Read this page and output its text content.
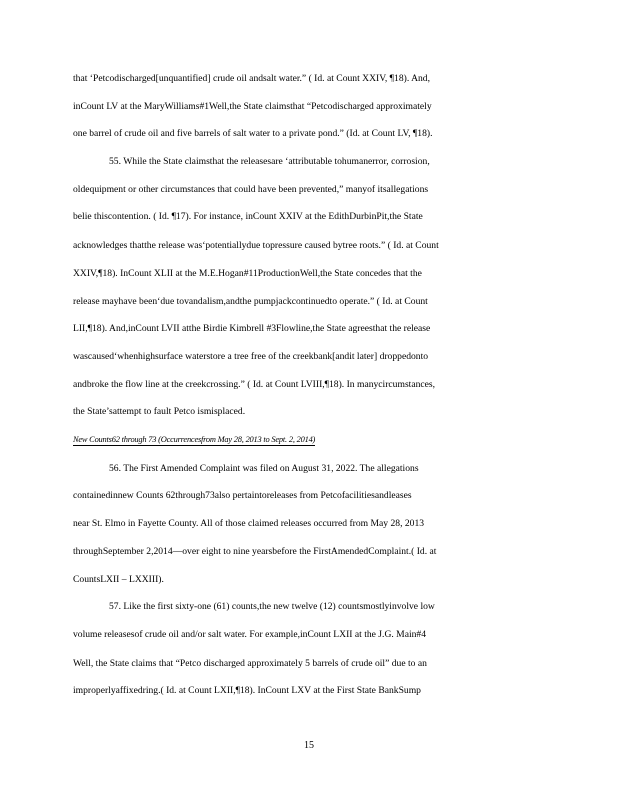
that ‘Petcodischarged[unquantified] crude oil andsalt water.” ( Id. at Count XXIV, ¶18). And,
inCount LV at the MaryWilliams#1Well,the State claimsthat “Petcodischarged approximately
one barrel of crude oil and five barrels of salt water to a private pond.” (Id. at Count LV, ¶18).
55. While the State claimsthat the releasesare ‘attributable tohumanerror, corrosion,
oldequipment or other circumstances that could have been prevented,” manyof itsallegations
belie thiscontention. ( Id. ¶17). For instance, inCount XXIV at the EdithDurbinPit,the State
acknowledges thatthe release was‘potentiallydue topressure caused bytree roots.” ( Id. at Count
XXIV,¶18). InCount XLII at the M.E.Hogan#11ProductionWell,the State concedes that the
release mayhave been‘due tovandalism,andthe pumpjackcontinuedto operate.” ( Id. at Count
LII,¶18). And,inCount LVII atthe Birdie Kimbrell #3Flowline,the State agreesthat the release
wascaused‘whenhighsurface waterstore a tree free of the creekbank[andit later] droppedonto
andbroke the flow line at the creekcrossing.” ( Id. at Count LVIII,¶18). In manycircumstances,
the State’sattempt to fault Petco ismisplaced.
New Counts62 through 73 (Occurrencesfrom May 28, 2013 to Sept. 2, 2014)
56. The First Amended Complaint was filed on August 31, 2022. The allegations
containedinnew Counts 62through73also pertaintoreleases from Petcofacilitiesandleases
near St. Elmo in Fayette County. All of those claimed releases occurred from May 28, 2013
throughSeptember 2,2014—over eight to nine yearsbefore the FirstAmendedComplaint.( Id. at
CountsLXII – LXXIII).
57. Like the first sixty-one (61) counts,the new twelve (12) countsmostlyinvolve low
volume releasesof crude oil and/or salt water. For example,inCount LXII at the J.G. Main#4
Well, the State claims that “Petco discharged approximately 5 barrels of crude oil” due to an
improperlyaffixedring.( Id. at Count LXII,¶18). InCount LXV at the First State BankSump
15
